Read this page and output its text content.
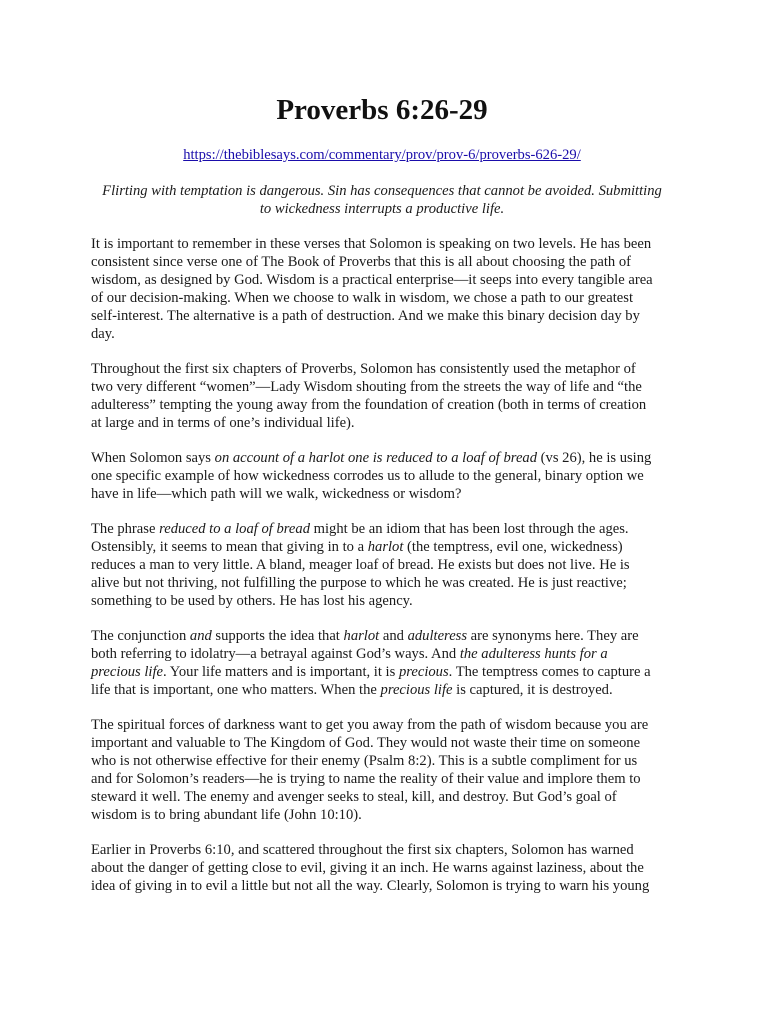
Proverbs 6:26-29
https://thebiblesays.com/commentary/prov/prov-6/proverbs-626-29/
Flirting with temptation is dangerous. Sin has consequences that cannot be avoided. Submitting
to wickedness interrupts a productive life.
It is important to remember in these verses that Solomon is speaking on two levels. He has been
consistent since verse one of The Book of Proverbs that this is all about choosing the path of
wisdom, as designed by God. Wisdom is a practical enterprise—it seeps into every tangible area
of our decision-making. When we choose to walk in wisdom, we chose a path to our greatest
self-interest. The alternative is a path of destruction. And we make this binary decision day by
day.
Throughout the first six chapters of Proverbs, Solomon has consistently used the metaphor of
two very different “women”—Lady Wisdom shouting from the streets the way of life and “the
adulteress” tempting the young away from the foundation of creation (both in terms of creation
at large and in terms of one’s individual life).
When Solomon says on account of a harlot one is reduced to a loaf of bread (vs 26), he is using
one specific example of how wickedness corrodes us to allude to the general, binary option we
have in life—which path will we walk, wickedness or wisdom?
The phrase reduced to a loaf of bread might be an idiom that has been lost through the ages.
Ostensibly, it seems to mean that giving in to a harlot (the temptress, evil one, wickedness)
reduces a man to very little. A bland, meager loaf of bread. He exists but does not live. He is
alive but not thriving, not fulfilling the purpose to which he was created. He is just reactive;
something to be used by others. He has lost his agency.
The conjunction and supports the idea that harlot and adulteress are synonyms here. They are
both referring to idolatry—a betrayal against God’s ways. And the adulteress hunts for a
precious life. Your life matters and is important, it is precious. The temptress comes to capture a
life that is important, one who matters. When the precious life is captured, it is destroyed.
The spiritual forces of darkness want to get you away from the path of wisdom because you are
important and valuable to The Kingdom of God. They would not waste their time on someone
who is not otherwise effective for their enemy (Psalm 8:2). This is a subtle compliment for us
and for Solomon’s readers—he is trying to name the reality of their value and implore them to
steward it well. The enemy and avenger seeks to steal, kill, and destroy. But God’s goal of
wisdom is to bring abundant life (John 10:10).
Earlier in Proverbs 6:10, and scattered throughout the first six chapters, Solomon has warned
about the danger of getting close to evil, giving it an inch. He warns against laziness, about the
idea of giving in to evil a little but not all the way. Clearly, Solomon is trying to warn his young
